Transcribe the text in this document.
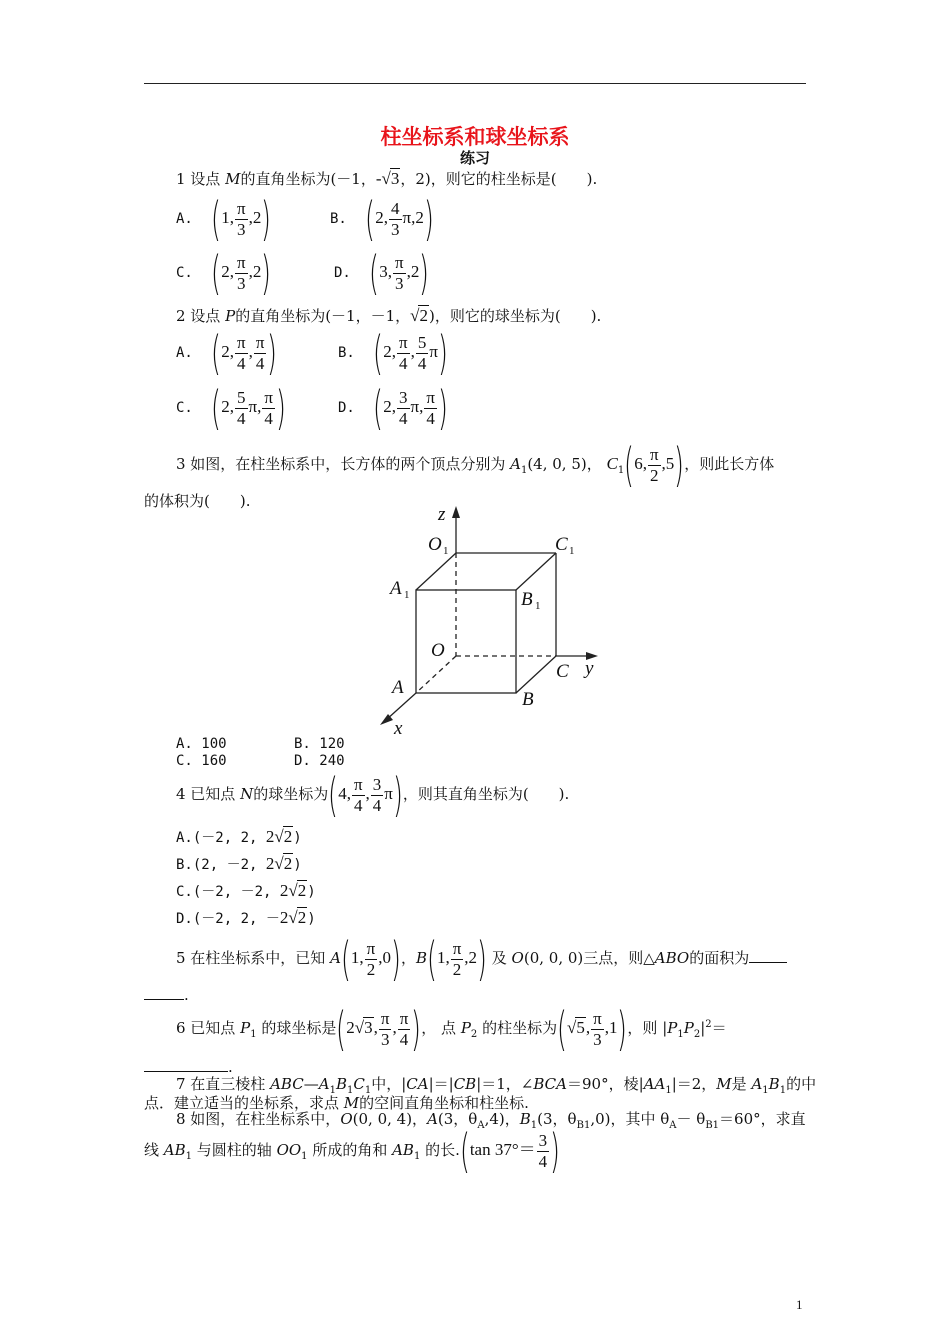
柱坐标系和球坐标系
练习
1 设点 M的直角坐标为(－1，-√3，2)，则它的柱坐标是(　　).
A. (1, $\frac{\pi}{3} ,2$)	B. (2, $\frac{4}{3} \pi,2$)
C. (2, $\frac{\pi}{3} ,2$)	D. (3, $\frac{\pi}{3} ,2$)
2 设点 P的直角坐标为(－1，－1，√2)，则它的球坐标为(　　).
A. (2, $\frac{\pi}{4}$ , $\frac{\pi}{4}$ )	B. (2, $\frac{\pi}{4}$ , $\frac{5}{4} \pi$)
C. (2, $\frac{5}{4} \pi$, $\frac{\pi}{4}$ )	D. (2, $\frac{3}{4} \pi$, $\frac{\pi}{4}$ )
3 如图，在柱坐标系中，长方体的两个顶点分别为 $A_1(4$, 0, 5)， $C_1(6$, $\frac{\pi}{2} ,5$)，则此长方体
的体积为(　　).
z
O 1	C 1
A 1	B 1
O
y
C
A
B
x
A. 100	B. 120
C. 160	D. 240
4 已知点 N的球坐标为(4, $\frac{\pi}{4}$ , $\frac{3}{4} \pi$)，则其直角坐标为(　　).
A.(－2, 2, 2√2)
B.(2, －2, 2√2)
C.(－2, －2, 2√2)
D.(－2, 2, －2√2)
5 在柱坐标系中，已知 A(1, $\frac{\pi}{2} ,0$)，B(1, $\frac{\pi}{2} ,2$) 及 O(0, 0, 0)三点，则△ABO的面积为
.
6 已知点 $P_1$ 的球坐标是(2√3, $\frac{\pi}{3}$ , $\frac{\pi}{4}$ )， 点 $P_2$ 的柱坐标为(√5, $\frac{\pi}{3} ,1$)，则 $|P_1P_2|^2=$
.
7 在直三棱柱 $ABC—A_1B_1C_1$中，|CA|＝|CB|＝1，∠BCA＝90°，棱$|AA_1|=2$，M是 $A_1B_1$的中
点．建立适当的坐标系，求点 M的空间直角坐标和柱坐标.
8 如图，在柱坐标系中，O(0, 0, 4)，A(3，$\theta_A,4$)，$B_1(3$，$\theta_{B1},0$)，其中 $\theta_A- \theta_{B1}=60^\circ$，求直
线 $AB_1$ 与圆柱的轴 $OO_1$ 所成的角和 $AB_1$ 的长.(tan $37^\circ= \frac{3}{4}$ )
1
